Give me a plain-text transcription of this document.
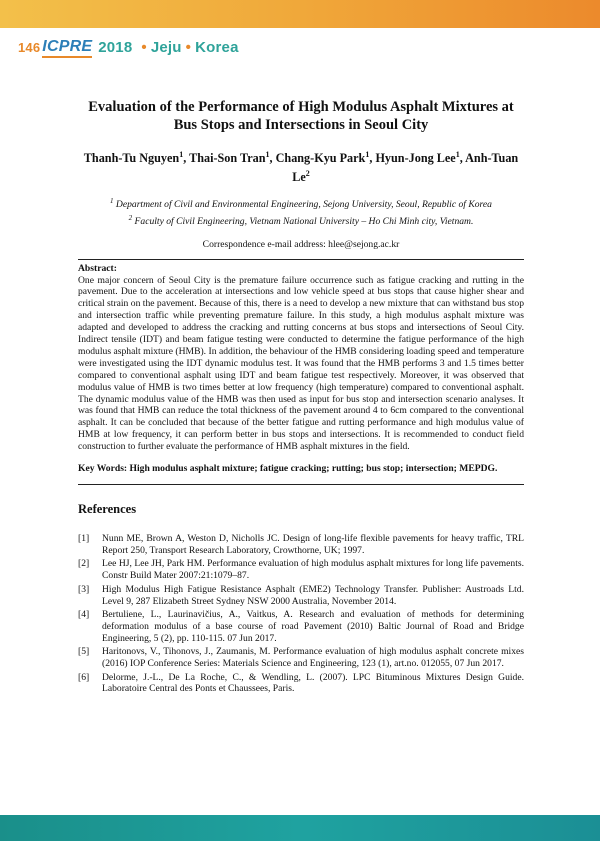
146 ICPRE 2018 • Jeju • Korea
Evaluation of the Performance of High Modulus Asphalt Mixtures at Bus Stops and Intersections in Seoul City
Thanh-Tu Nguyen$^1$, Thai-Son Tran$^1$, Chang-Kyu Park$^1$, Hyun-Jong Lee$^1$, Anh-Tuan Le$^2$
$^1$ Department of Civil and Environmental Engineering, Sejong University, Seoul, Republic of Korea
$^2$ Faculty of Civil Engineering, Vietnam National University – Ho Chi Minh city, Vietnam.
Correspondence e-mail address: hlee@sejong.ac.kr
Abstract:

One major concern of Seoul City is the premature failure occurrence such as fatigue cracking and rutting in the pavement. Due to the acceleration at intersections and low vehicle speed at bus stops that cause higher shear and critical strain on the pavement. Because of this, there is a need to develop a new mixture that can withstand bus stop and intersection traffic while preventing premature failure. In this study, a high modulus asphalt mixture was adapted and developed to address the cracking and rutting concerns at bus stops and intersections of Seoul City. Indirect tensile (IDT) and beam fatigue testing were conducted to determine the fatigue performance of the high modulus asphalt mixture (HMB). In addition, the behaviour of the HMB considering loading speed and temperature were investigated using the IDT dynamic modulus test. It was found that the HMB performs 3 and 1.5 times better compared to conventional asphalt using IDT and beam fatigue test respectively. Moreover, it was observed that modulus value of HMB is two times better at low frequency (high temperature) compared to conventional asphalt. The dynamic modulus value of the HMB was then used as input for bus stop and intersection scenario analyses. It was found that HMB can reduce the total thickness of the pavement around 4 to 6cm compared to the conventional asphalt. It can be concluded that because of the better fatigue and rutting performance and high modulus value of HMB at low frequency, it can perform better in bus stops and intersections. It is recommended to conduct field construction to further evaluate the performance of HMB asphalt mixtures in the field.

Key Words: High modulus asphalt mixture; fatigue cracking; rutting; bus stop; intersection; MEPDG.
References
[1]	Nunn ME, Brown A, Weston D, Nicholls JC. Design of long-life flexible pavements for heavy traffic, TRL Report 250, Transport Research Laboratory, Crowthorne, UK; 1997.
[2]	Lee HJ, Lee JH, Park HM. Performance evaluation of high modulus asphalt mixtures for long life pavements. Constr Build Mater 2007:21:1079–87.
[3]	High Modulus High Fatigue Resistance Asphalt (EME2) Technology Transfer. Publisher: Austroads Ltd. Level 9, 287 Elizabeth Street Sydney NSW 2000 Australia, November 2014.
[4]	Bertuliene, L., Laurinavičius, A., Vaitkus, A. Research and evaluation of methods for determining deformation modulus of a base course of road Pavement (2010) Baltic Journal of Road and Bridge Engineering, 5 (2), pp. 110-115. 07 Jun 2017.
[5]	Haritonovs, V., Tihonovs, J., Zaumanis, M. Performance evaluation of high modulus asphalt concrete mixes (2016) IOP Conference Series: Materials Science and Engineering, 123 (1), art.no. 012055, 07 Jun 2017.
[6]	Delorme, J.-L., De La Roche, C., & Wendling, L. (2007). LPC Bituminous Mixtures Design Guide. Laboratoire Central des Ponts et Chaussees, Paris.
